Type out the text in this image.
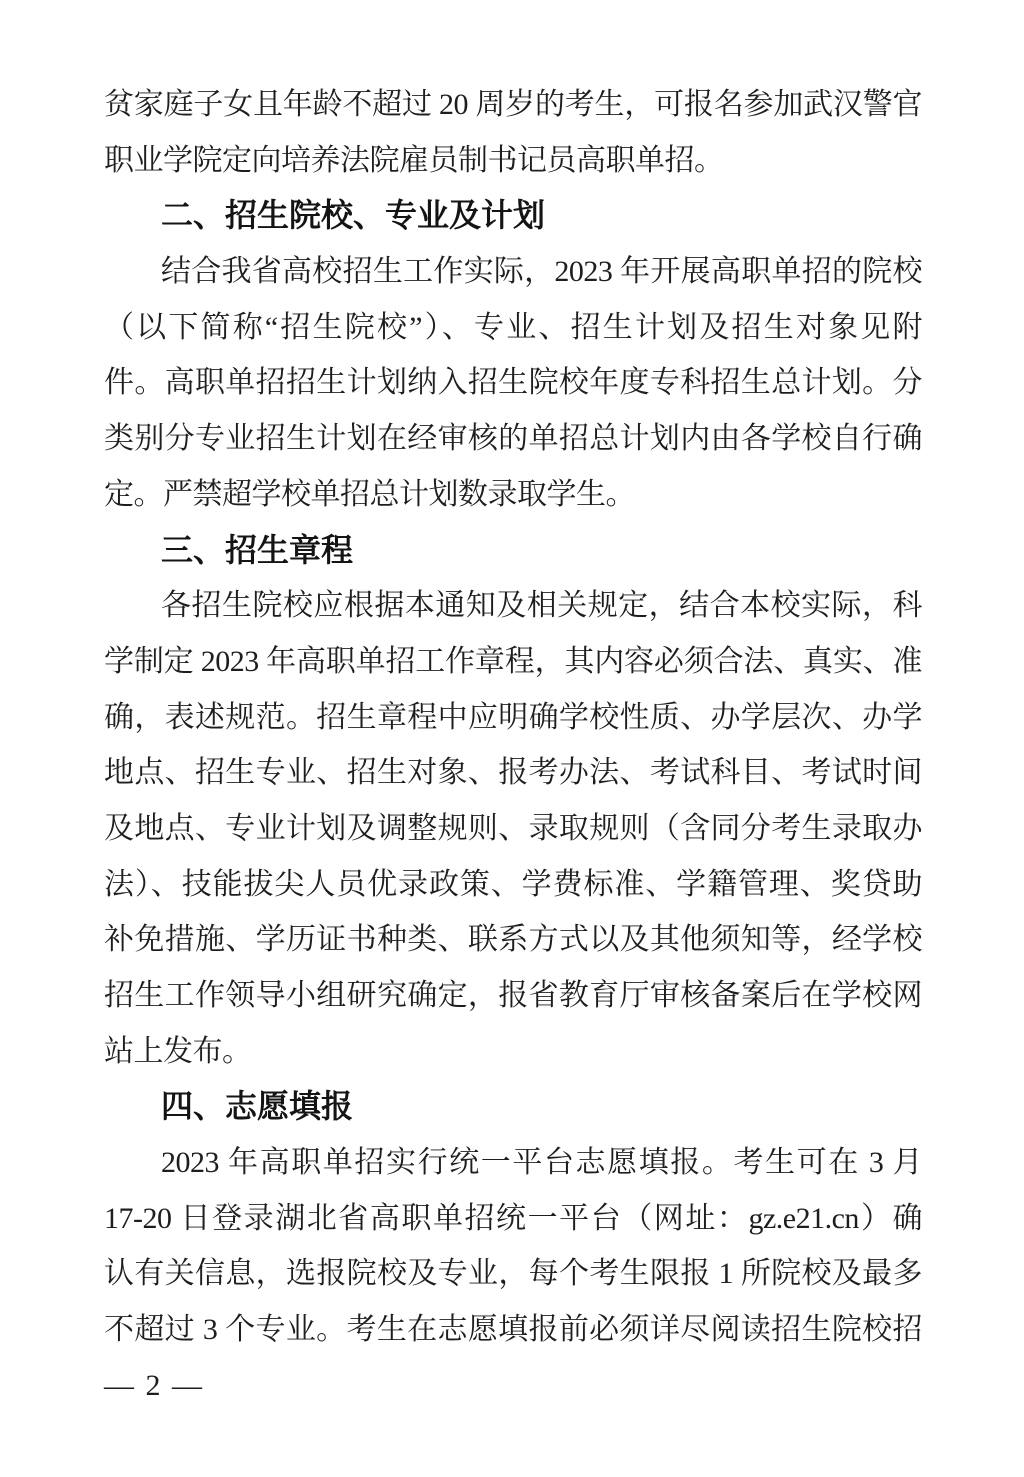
贫家庭子女且年龄不超过 20 周岁的考生，可报名参加武汉警官
职业学院定向培养法院雇员制书记员高职单招。
二、招生院校、专业及计划
结合我省高校招生工作实际，2023 年开展高职单招的院校
（以下简称“招生院校”）、专业、招生计划及招生对象见附
件。高职单招招生计划纳入招生院校年度专科招生总计划。分
类别分专业招生计划在经审核的单招总计划内由各学校自行确
定。严禁超学校单招总计划数录取学生。
三、招生章程
各招生院校应根据本通知及相关规定，结合本校实际，科
学制定 2023 年高职单招工作章程，其内容必须合法、真实、准
确，表述规范。招生章程中应明确学校性质、办学层次、办学
地点、招生专业、招生对象、报考办法、考试科目、考试时间
及地点、专业计划及调整规则、录取规则（含同分考生录取办
法）、技能拔尖人员优录政策、学费标准、学籍管理、奖贷助
补免措施、学历证书种类、联系方式以及其他须知等，经学校
招生工作领导小组研究确定，报省教育厅审核备案后在学校网
站上发布。
四、志愿填报
2023 年高职单招实行统一平台志愿填报。考生可在 3 月
17-20 日登录湖北省高职单招统一平台（网址：gz.e21.cn）确
认有关信息，选报院校及专业，每个考生限报 1 所院校及最多
不超过 3 个专业。考生在志愿填报前必须详尽阅读招生院校招
— 2 —
